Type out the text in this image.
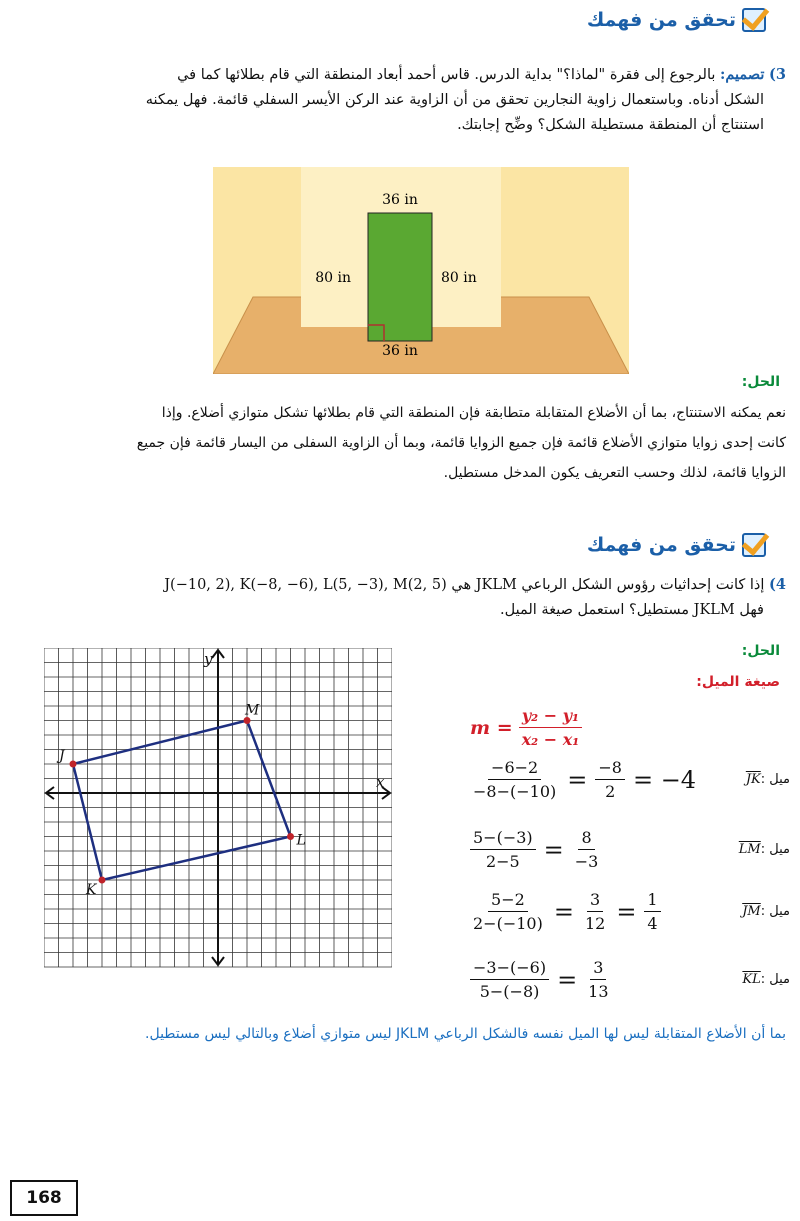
تحقق من فهمك
3) تصميم: بالرجوع إلى فقرة "لماذا؟" بداية الدرس. قاس أحمد أبعاد المنطقة التي قام بطلائها كما في
الشكل أدناه. وباستعمال زاوية النجارين تحقق من أن الزاوية عند الركن الأيسر السفلي قائمة. فهل يمكنه
استنتاج أن المنطقة مستطيلة الشكل؟ وضِّح إجابتك.
36 in
36 in
80 in	80 in
الحل:
نعم يمكنه الاستنتاج، بما أن الأضلاع المتقابلة متطابقة فإن المنطقة التي قام بطلائها تشكل متوازي أضلاع. وإذا
كانت إحدى زوايا متوازي الأضلاع قائمة فإن جميع الزوايا قائمة، وبما أن الزاوية السفلى من اليسار قائمة فإن جميع
الزوايا قائمة، لذلك وحسب التعريف يكون المدخل مستطيل.
تحقق من فهمك
4) إذا كانت إحداثيات رؤوس الشكل الرباعي JKLM هي J(−10, 2), K(−8, −6), L(5, −3), M(2, 5)
فهل JKLM مستطيل؟ استعمل صيغة الميل.
الحل:
صيغة الميل:
$m = \frac{\text{y₂ − y₁}}{\text{x₂ − x₁}}$
$\frac{-6-2}{-8-(-10)} = \frac{-8}{2} = -4$	ميل :JK
$\frac{5-(-3)}{2-5} = \frac{8}{-3}$	ميل :LM
$\frac{5-2}{2-(-10)} = \frac{3}{12} = \frac{1}{4}$	ميل :JM
$\frac{-3-(-6)}{5-(-8)} = \frac{3}{13}$	ميل :KL
x
y
J
K
L
M
بما أن الأضلاع المتقابلة ليس لها الميل نفسه فالشكل الرباعي JKLM ليس متوازي أضلاع وبالتالي ليس مستطيل.
168
